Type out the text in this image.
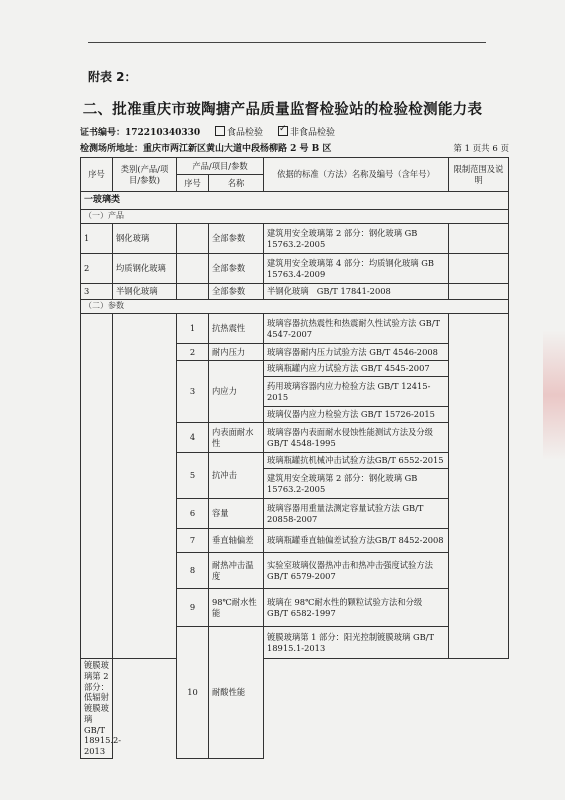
附表 2：
二、批准重庆市玻陶搪产品质量监督检验站的检验检测能力表
证书编号：172210340330	食品检验 ✓	非食品检验
检测场所地址：重庆市两江新区黄山大道中段杨柳路 2 号 B 区	第 1 页共 6 页
序号	类别(产品/项目/参数)	产品/项目/参数		依据的标准（方法）名称及编号（含年号）	限制范围及说明
		序号	名称		
一玻璃类					
（一）产品					
1	钢化玻璃		全部参数	建筑用安全玻璃第 2 部分：钢化玻璃 GB 15763.2-2005	
2	均质钢化玻璃		全部参数	建筑用安全玻璃第 4 部分：均质钢化玻璃 GB 15763.4-2009	
3	半钢化玻璃		全部参数	半钢化玻璃　GB/T 17841-2008	
（二）参数					
		1	抗热震性	玻璃容器抗热震性和热震耐久性试验方法 GB/T 4547-2007	
		2	耐内压力	玻璃容器耐内压力试验方法 GB/T 4546-2008	
		3	内应力	玻璃瓶罐内应力试验方法 GB/T 4545-2007	
				药用玻璃容器内应力检验方法 GB/T 12415-2015	
				玻璃仪器内应力检验方法 GB/T 15726-2015	
		4	内表面耐水性	玻璃容器内表面耐水侵蚀性能测试方法及分级 GB/T 4548-1995	
		5	抗冲击	玻璃瓶罐抗机械冲击试验方法GB/T 6552-2015	
				建筑用安全玻璃第 2 部分：钢化玻璃 GB 15763.2-2005	
		6	容量	玻璃容器用重量法测定容量试验方法 GB/T 20858-2007	
		7	垂直轴偏差	玻璃瓶罐垂直轴偏差试验方法GB/T 8452-2008	
		8	耐热冲击温度	实验室玻璃仪器热冲击和热冲击强度试验方法 GB/T 6579-2007	
		9	98℃耐水性能	玻璃在 98℃耐水性的颗粒试验方法和分级 GB/T 6582-1997	
		10	耐酸性能	镀膜玻璃第 1 部分：阳光控制镀膜玻璃 GB/T 18915.1-2013	
镀膜玻璃第 2 部分：低辐射镀膜玻璃 GB/T 18915.2-2013					
